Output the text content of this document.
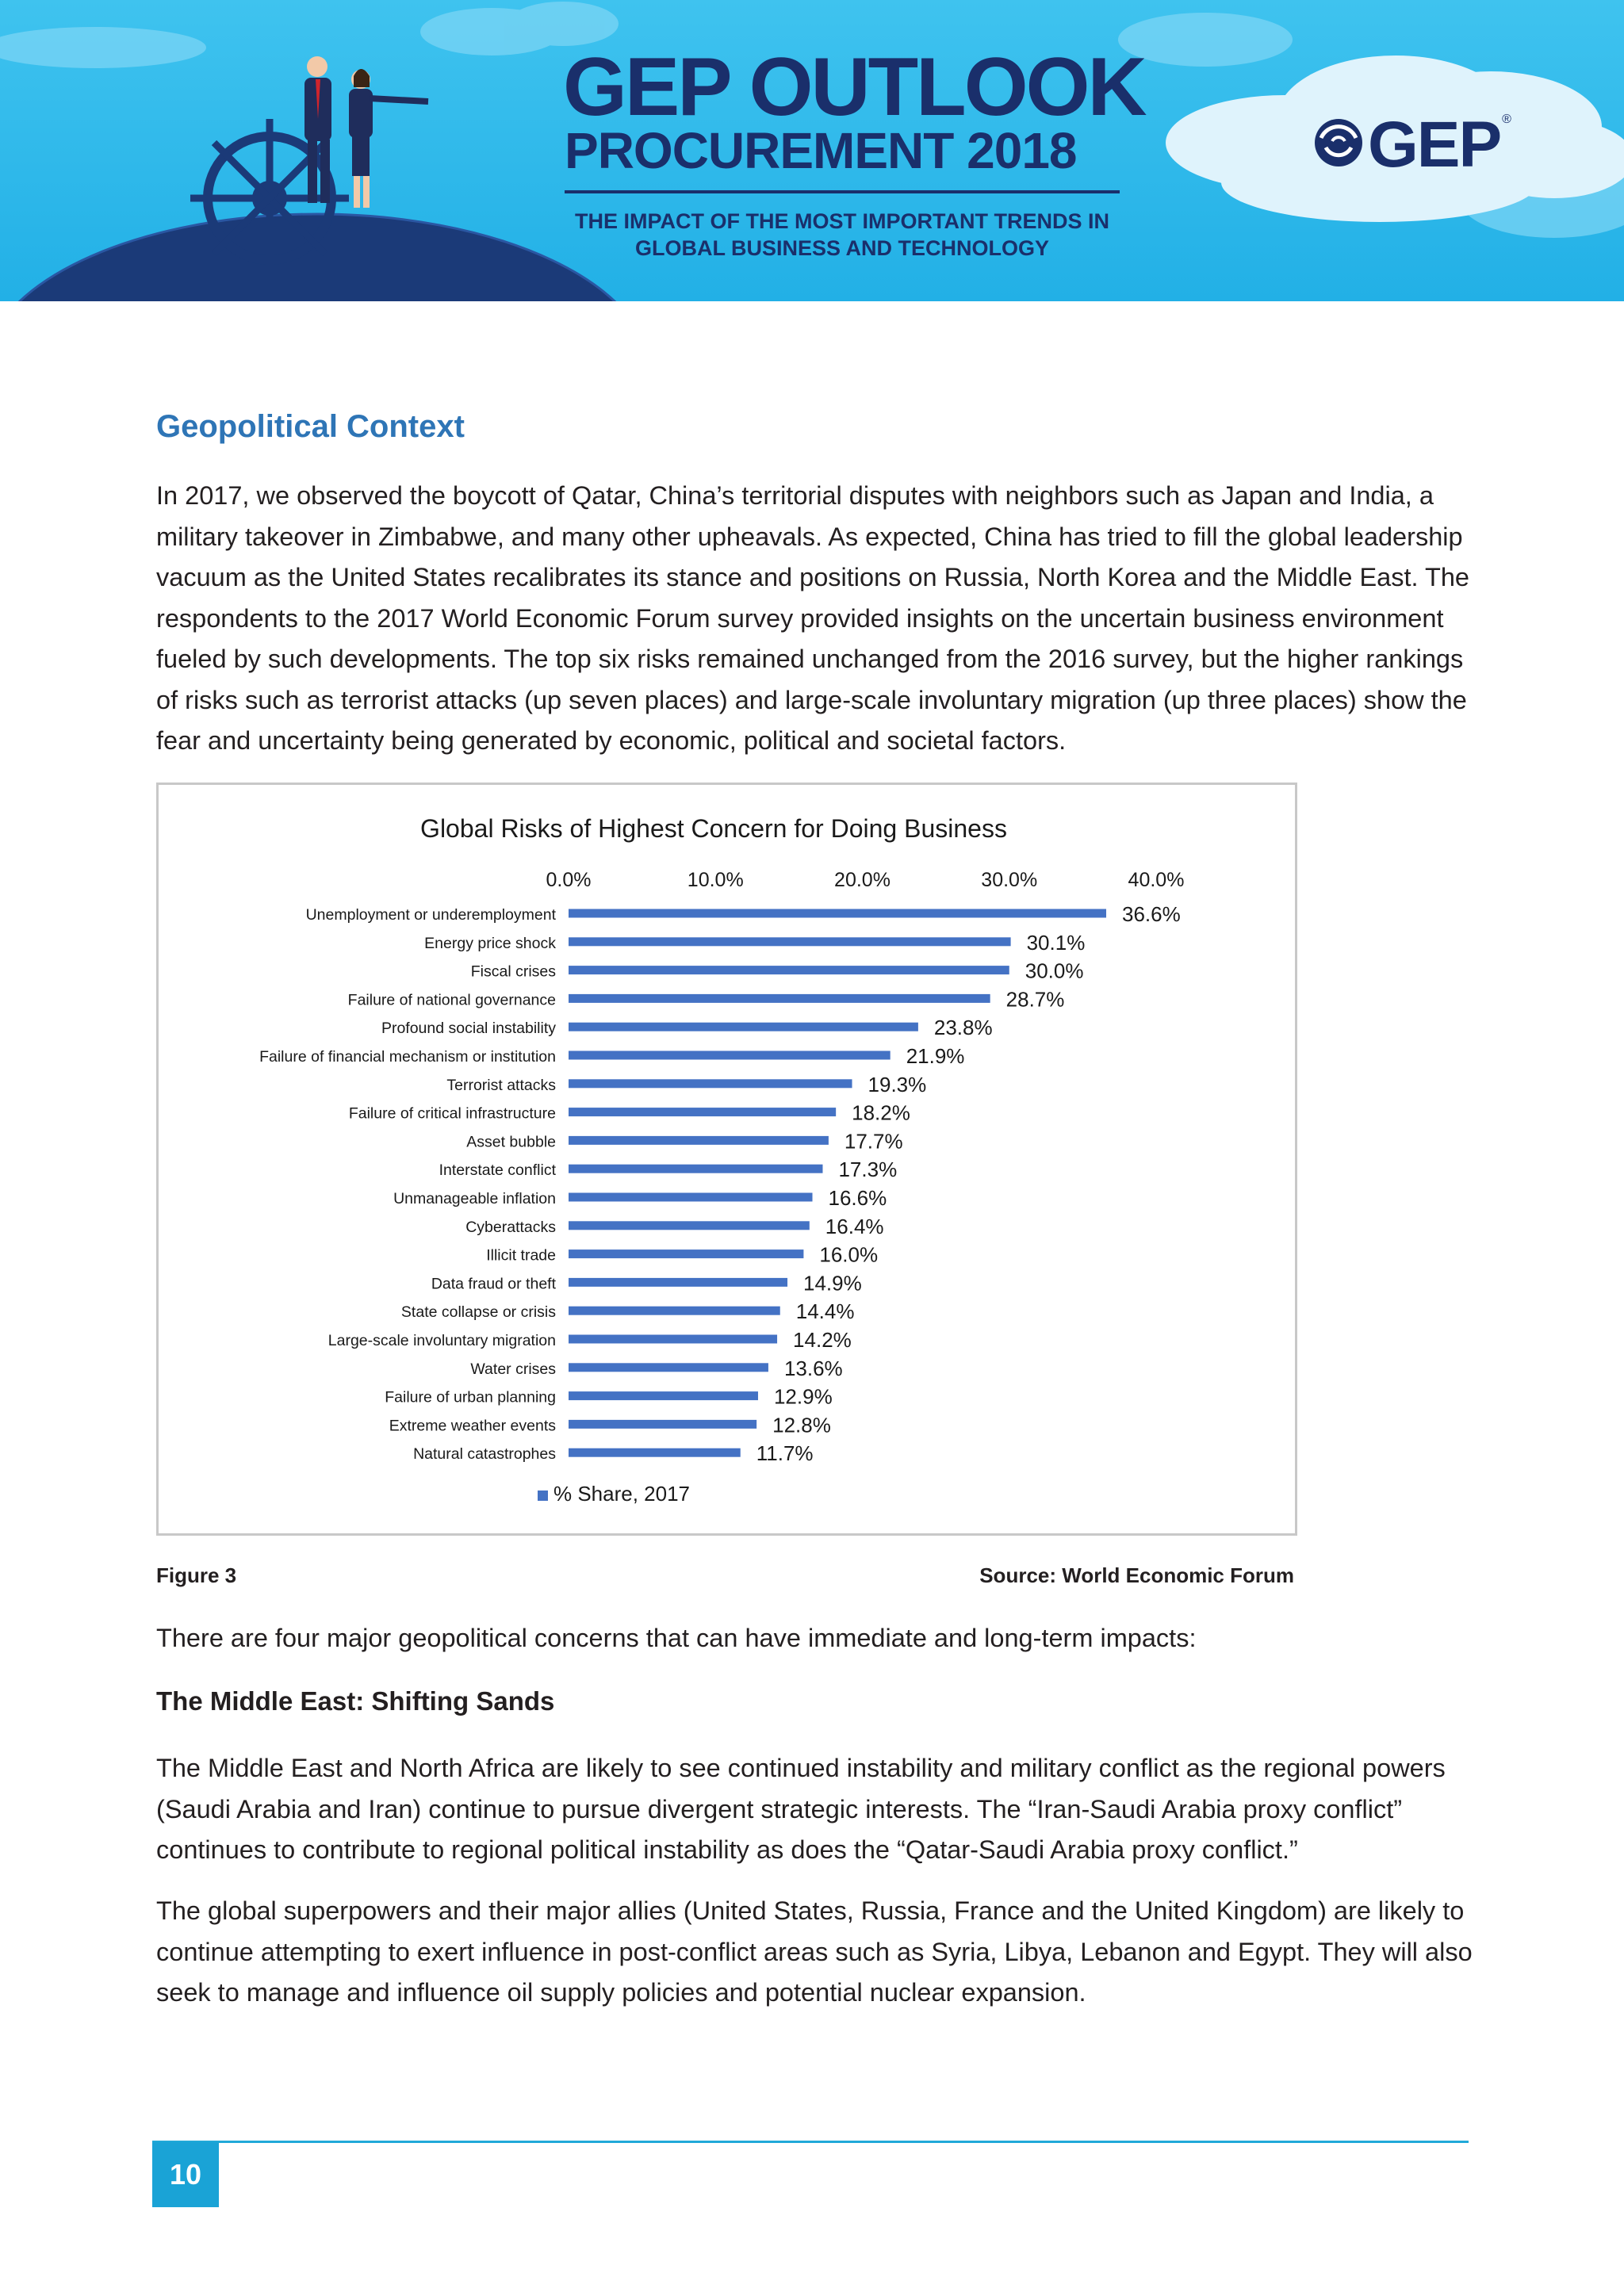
GEP OUTLOOK
PROCUREMENT 2018
THE IMPACT OF THE MOST IMPORTANT TRENDS IN
GLOBAL BUSINESS AND TECHNOLOGY
GEP ®
Geopolitical Context

In 2017, we observed the boycott of Qatar, China’s territorial disputes with neighbors such as Japan and India, a military takeover in Zimbabwe, and many other upheavals. As expected, China has tried to fill the global leadership vacuum as the United States recalibrates its stance and positions on Russia, North Korea and the Middle East. The respondents to the 2017 World Economic Forum survey provided insights on the uncertain business environment fueled by such developments. The top six risks remained unchanged from the 2016 survey, but the higher rankings of risks such as terrorist attacks (up seven places) and large-scale involuntary migration (up three places) show the fear and uncertainty being generated by economic, political and societal factors.

Global Risks of Highest Concern for Doing Business
0.0%	10.0%	20.0%	30.0%	40.0%
Unemployment or underemployment	36.6%
Energy price shock	30.1%
Fiscal crises	30.0%
Failure of national governance	28.7%
Profound social instability	23.8%
Failure of financial mechanism or institution	21.9%
Terrorist attacks	19.3%
Failure of critical infrastructure	18.2%
Asset bubble	17.7%
Interstate conflict	17.3%
Unmanageable inflation	16.6%
Cyberattacks	16.4%
Illicit trade	16.0%
Data fraud or theft	14.9%
State collapse or crisis	14.4%
Large-scale involuntary migration	14.2%
Water crises	13.6%
Failure of urban planning	12.9%
Extreme weather events	12.8%
Natural catastrophes	11.7%
% Share, 2017
Figure 3	Source: World Economic Forum

There are four major geopolitical concerns that can have immediate and long-term impacts:

The Middle East: Shifting Sands

The Middle East and North Africa are likely to see continued instability and military conflict as the regional powers (Saudi Arabia and Iran) continue to pursue divergent strategic interests. The “Iran-Saudi Arabia proxy conflict” continues to contribute to regional political instability as does the “Qatar-Saudi Arabia proxy conflict.”

The global superpowers and their major allies (United States, Russia, France and the United Kingdom) are likely to continue attempting to exert influence in post-conflict areas such as Syria, Libya, Lebanon and Egypt. They will also seek to manage and influence oil supply policies and potential nuclear expansion.

10
